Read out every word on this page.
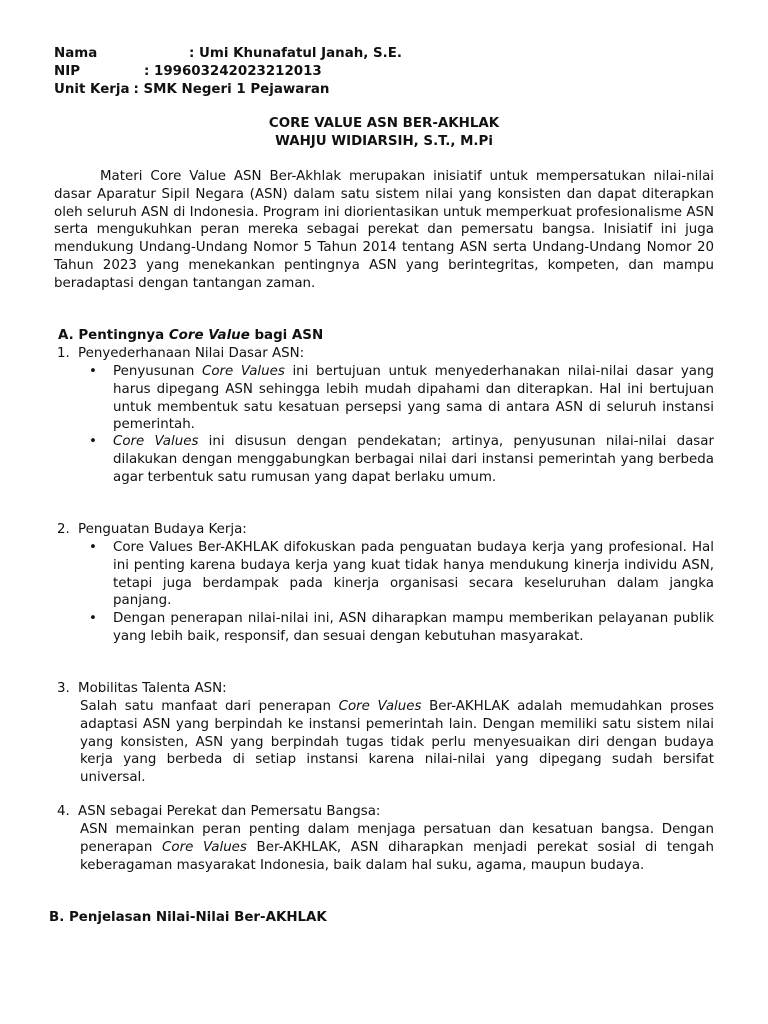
Nama	: Umi Khunafatul Janah, S.E.
NIP	: 199603242023212013
Unit Kerja : SMK Negeri 1 Pejawaran
CORE VALUE ASN BER-AKHLAK
WAHJU WIDIARSIH, S.T., M.Pi
Materi Core Value ASN Ber-Akhlak merupakan inisiatif untuk mempersatukan nilai-nilai dasar Aparatur Sipil Negara (ASN) dalam satu sistem nilai yang konsisten dan dapat diterapkan oleh seluruh ASN di Indonesia. Program ini diorientasikan untuk memperkuat profesionalisme ASN serta mengukuhkan peran mereka sebagai perekat dan pemersatu bangsa. Inisiatif ini juga mendukung Undang-Undang Nomor 5 Tahun 2014 tentang ASN serta Undang-Undang Nomor 20 Tahun 2023 yang menekankan pentingnya ASN yang berintegritas, kompeten, dan mampu beradaptasi dengan tantangan zaman.
A. Pentingnya Core Value bagi ASN
1. Penyederhanaan Nilai Dasar ASN:
• Penyusunan Core Values ini bertujuan untuk menyederhanakan nilai-nilai dasar yang harus dipegang ASN sehingga lebih mudah dipahami dan diterapkan. Hal ini bertujuan untuk membentuk satu kesatuan persepsi yang sama di antara ASN di seluruh instansi pemerintah.
• Core Values ini disusun dengan pendekatan; artinya, penyusunan nilai-nilai dasar dilakukan dengan menggabungkan berbagai nilai dari instansi pemerintah yang berbeda agar terbentuk satu rumusan yang dapat berlaku umum.
2. Penguatan Budaya Kerja:
• Core Values Ber-AKHLAK difokuskan pada penguatan budaya kerja yang profesional. Hal ini penting karena budaya kerja yang kuat tidak hanya mendukung kinerja individu ASN, tetapi juga berdampak pada kinerja organisasi secara keseluruhan dalam jangka panjang.
• Dengan penerapan nilai-nilai ini, ASN diharapkan mampu memberikan pelayanan publik yang lebih baik, responsif, dan sesuai dengan kebutuhan masyarakat.
3. Mobilitas Talenta ASN:
Salah satu manfaat dari penerapan Core Values Ber-AKHLAK adalah memudahkan proses adaptasi ASN yang berpindah ke instansi pemerintah lain. Dengan memiliki satu sistem nilai yang konsisten, ASN yang berpindah tugas tidak perlu menyesuaikan diri dengan budaya kerja yang berbeda di setiap instansi karena nilai-nilai yang dipegang sudah bersifat universal.
4. ASN sebagai Perekat dan Pemersatu Bangsa:
ASN memainkan peran penting dalam menjaga persatuan dan kesatuan bangsa. Dengan penerapan Core Values Ber-AKHLAK, ASN diharapkan menjadi perekat sosial di tengah keberagaman masyarakat Indonesia, baik dalam hal suku, agama, maupun budaya.
B. Penjelasan Nilai-Nilai Ber-AKHLAK
